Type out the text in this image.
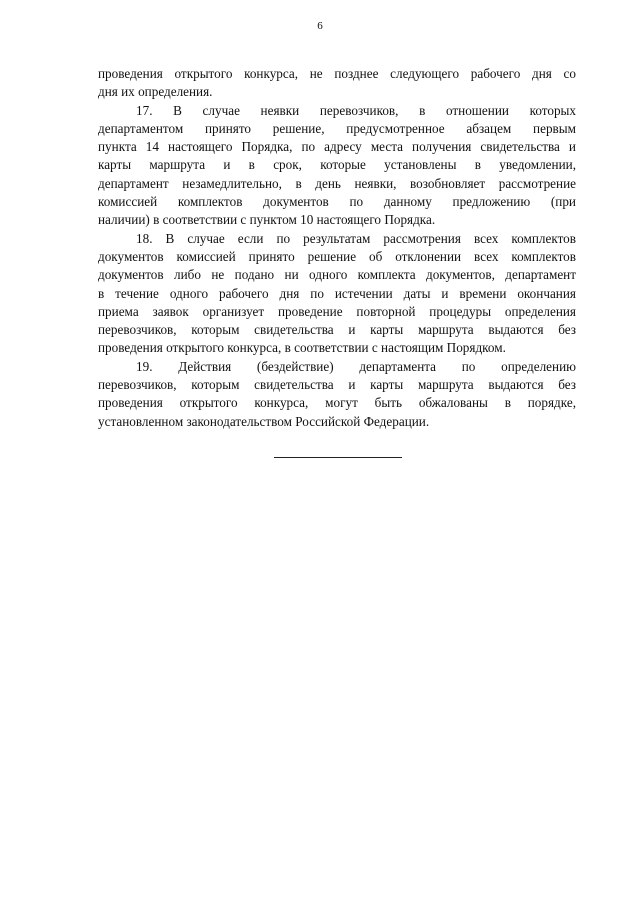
6
проведения открытого конкурса, не позднее следующего рабочего дня со
дня их определения.
17. В случае неявки перевозчиков, в отношении которых
департаментом принято решение, предусмотренное абзацем первым
пункта 14 настоящего Порядка, по адресу места получения свидетельства и
карты маршрута и в срок, которые установлены в уведомлении,
департамент незамедлительно, в день неявки, возобновляет рассмотрение
комиссией комплектов документов по данному предложению (при
наличии) в соответствии с пунктом 10 настоящего Порядка.
18. В случае если по результатам рассмотрения всех комплектов
документов комиссией принято решение об отклонении всех комплектов
документов либо не подано ни одного комплекта документов, департамент
в течение одного рабочего дня по истечении даты и времени окончания
приема заявок организует проведение повторной процедуры определения
перевозчиков, которым свидетельства и карты маршрута выдаются без
проведения открытого конкурса, в соответствии с настоящим Порядком.
19. Действия (бездействие) департамента по определению
перевозчиков, которым свидетельства и карты маршрута выдаются без
проведения открытого конкурса, могут быть обжалованы в порядке,
установленном законодательством Российской Федерации.
